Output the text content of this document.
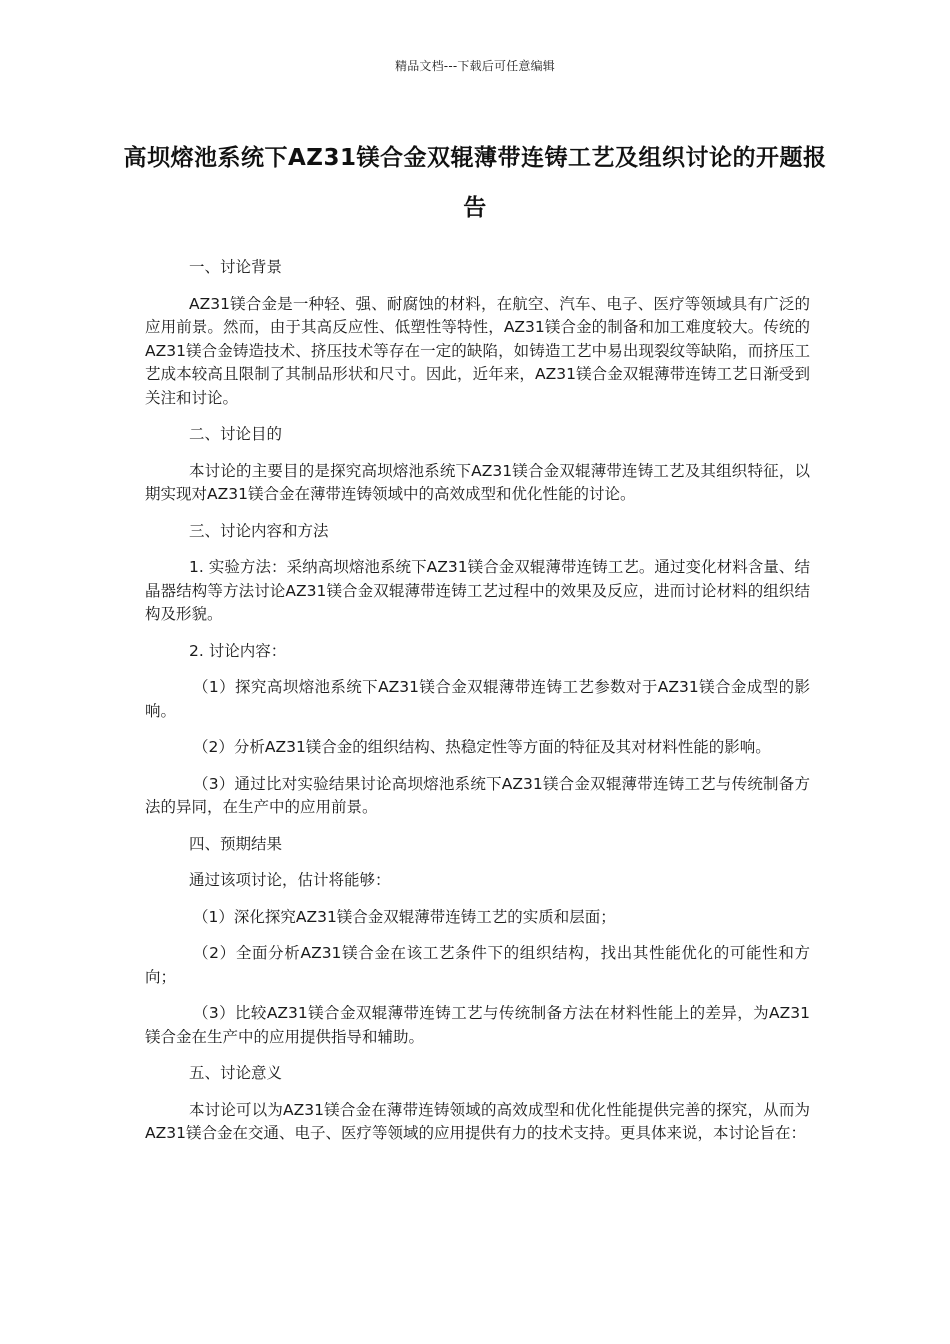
精品文档---下载后可任意编辑
高坝熔池系统下AZ31镁合金双辊薄带连铸工艺及组织讨论的开题报告

一、讨论背景

AZ31镁合金是一种轻、强、耐腐蚀的材料，在航空、汽车、电子、医疗等领域具有广泛的应用前景。然而，由于其高反应性、低塑性等特性，AZ31镁合金的制备和加工难度较大。传统的AZ31镁合金铸造技术、挤压技术等存在一定的缺陷，如铸造工艺中易出现裂纹等缺陷，而挤压工艺成本较高且限制了其制品形状和尺寸。因此，近年来，AZ31镁合金双辊薄带连铸工艺日渐受到关注和讨论。

二、讨论目的

本讨论的主要目的是探究高坝熔池系统下AZ31镁合金双辊薄带连铸工艺及其组织特征，以期实现对AZ31镁合金在薄带连铸领域中的高效成型和优化性能的讨论。

三、讨论内容和方法

1. 实验方法：采纳高坝熔池系统下AZ31镁合金双辊薄带连铸工艺。通过变化材料含量、结晶器结构等方法讨论AZ31镁合金双辊薄带连铸工艺过程中的效果及反应，进而讨论材料的组织结构及形貌。

2. 讨论内容：

（1）探究高坝熔池系统下AZ31镁合金双辊薄带连铸工艺参数对于AZ31镁合金成型的影响。

（2）分析AZ31镁合金的组织结构、热稳定性等方面的特征及其对材料性能的影响。

（3）通过比对实验结果讨论高坝熔池系统下AZ31镁合金双辊薄带连铸工艺与传统制备方法的异同，在生产中的应用前景。

四、预期结果

通过该项讨论，估计将能够：

（1）深化探究AZ31镁合金双辊薄带连铸工艺的实质和层面；

（2）全面分析AZ31镁合金在该工艺条件下的组织结构，找出其性能优化的可能性和方向；

（3）比较AZ31镁合金双辊薄带连铸工艺与传统制备方法在材料性能上的差异，为AZ31镁合金在生产中的应用提供指导和辅助。

五、讨论意义

本讨论可以为AZ31镁合金在薄带连铸领域的高效成型和优化性能提供完善的探究，从而为AZ31镁合金在交通、电子、医疗等领域的应用提供有力的技术支持。更具体来说，本讨论旨在：
